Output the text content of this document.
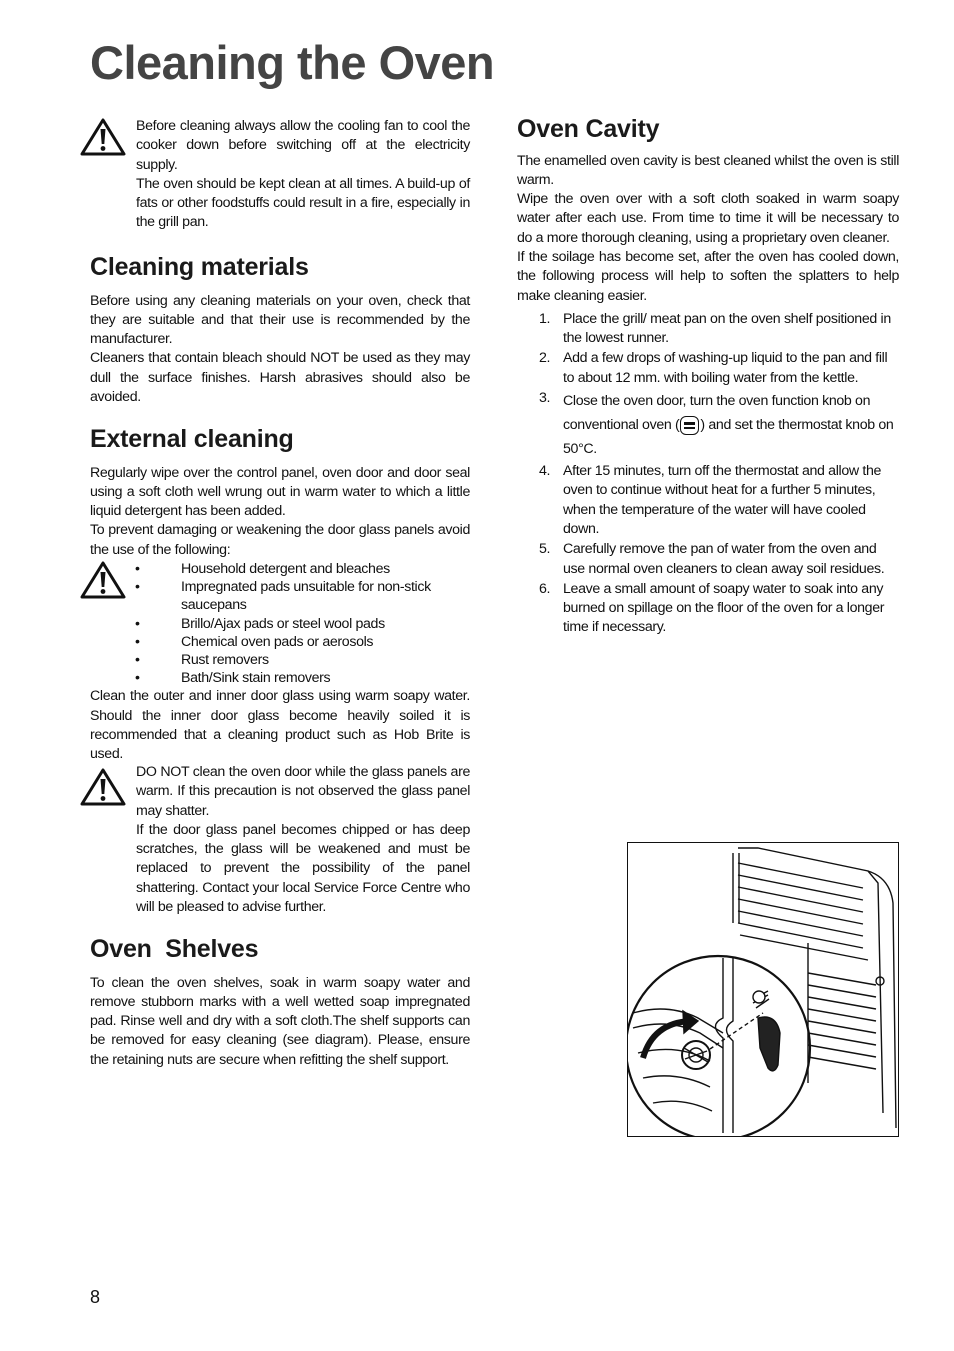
Cleaning the Oven

Before cleaning always allow the cooling fan to cool the cooker down before switching off at the electricity supply.

The oven should be kept clean at all times. A build-up of fats or other foodstuffs could result in a fire, especially in the grill pan.

Cleaning materials

Before using any cleaning materials on your oven, check that they are suitable and that their use is recommended by the manufacturer.

Cleaners that contain bleach should NOT be used as they may dull the surface finishes. Harsh abrasives should also be avoided.

External cleaning

Regularly wipe over the control panel, oven door and door seal using a soft cloth well wrung out in warm water to which a little liquid detergent has been added.

To prevent damaging or weakening the door glass panels avoid the use of the following:

•	Household detergent and bleaches
•	Impregnated pads unsuitable for non-stick saucepans
•	Brillo/Ajax pads or steel wool pads
•	Chemical oven pads or aerosols
•	Rust removers
•	Bath/Sink stain removers

Clean the outer and inner door glass using warm soapy water. Should the inner door glass become heavily soiled it is recommended that a cleaning product such as Hob Brite is used.

DO NOT clean the oven door while the glass panels are warm. If this precaution is not observed the glass panel may shatter.

If the door glass panel becomes chipped or has deep scratches, the glass will be weakened and must be replaced to prevent the possibility of the panel shattering. Contact your local Service Force Centre who will be pleased to advise further.

Oven  Shelves

To clean the oven shelves, soak in warm soapy water and remove stubborn marks with a well wetted soap impregnated pad. Rinse well and dry with a soft cloth.The shelf supports can be removed for easy cleaning (see diagram). Please, ensure the retaining nuts are secure when refitting the shelf support.

Oven Cavity

The enamelled oven cavity is best cleaned whilst the oven is still warm.

Wipe the oven over with a soft cloth soaked in warm soapy water after each use. From time to time it will be necessary to do a more thorough cleaning, using a proprietary oven cleaner.

If the soilage has become set, after the oven has cooled down, the following process will help to soften the splatters to help make cleaning easier.

1. Place the grill/ meat pan on the oven shelf positioned in the lowest runner.
2. Add a few drops of washing-up liquid to the pan and fill to about 12 mm. with boiling water from the kettle.
3. Close the oven door, turn the oven function knob on conventional oven ( ) and set the thermostat knob on 50°C.
4. After 15 minutes, turn off the thermostat and allow the oven to continue without heat for a further 5 minutes, when the temperature of the water will have cooled down.
5. Carefully remove the pan of water from the oven and use normal oven cleaners to clean away soil residues.
6. Leave a small amount of soapy water to soak into any burned on spillage on the floor of the oven for a longer time if necessary.
8
